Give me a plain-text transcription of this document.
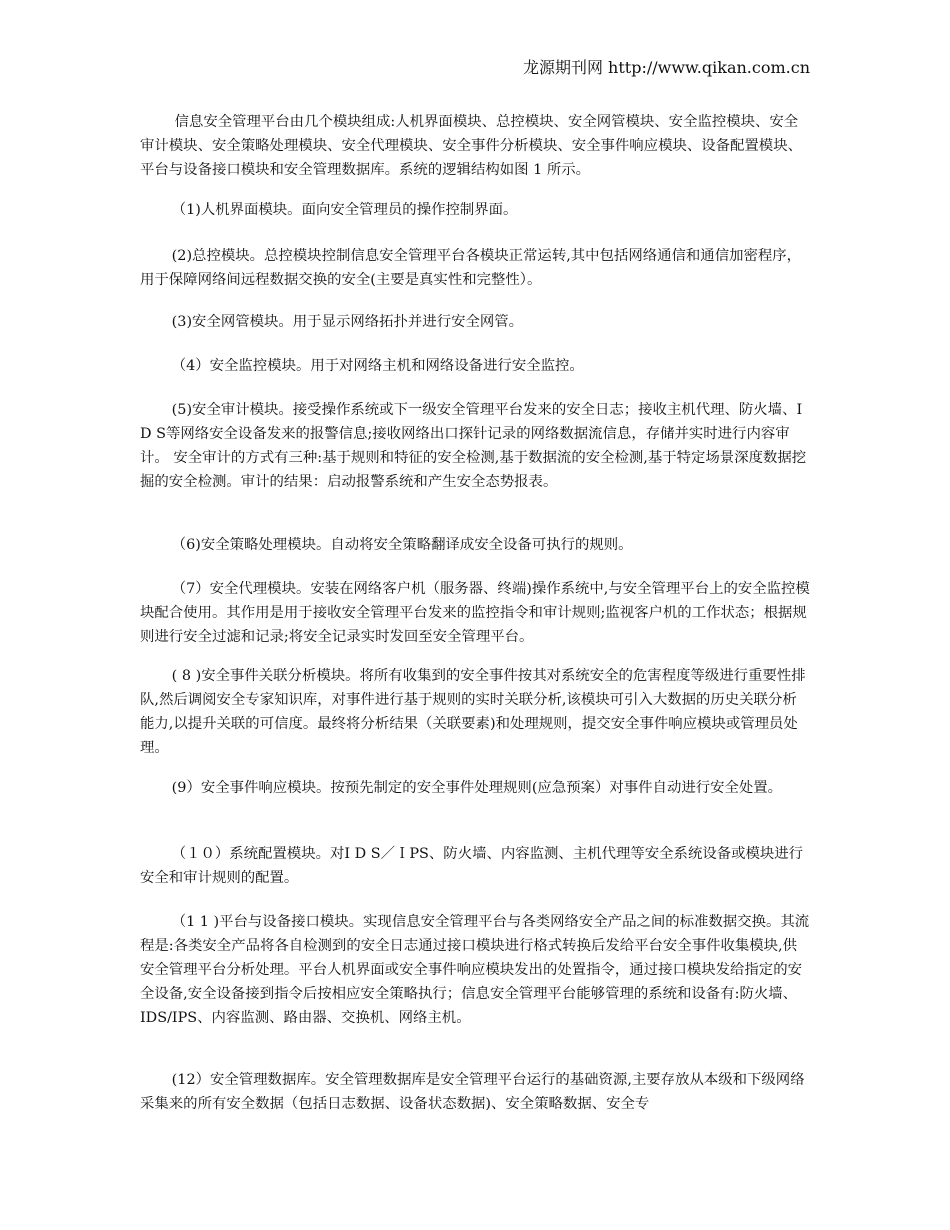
龙源期刊网 http://www.qikan.com.cn

信息安全管理平台由几个模块组成:人机界面模块、总控模块、安全网管模块、安全监控模块、安全审计模块、安全策略处理模块、安全代理模块、安全事件分析模块、安全事件响应模块、设备配置模块、平台与设备接口模块和安全管理数据库。系统的逻辑结构如图 1 所示。

（1)人机界面模块。面向安全管理员的操作控制界面。

(2)总控模块。总控模块控制信息安全管理平台各模块正常运转,其中包括网络通信和通信加密程序，用于保障网络间远程数据交换的安全(主要是真实性和完整性）。

(3)安全网管模块。用于显示网络拓扑并进行安全网管。

（4）安全监控模块。用于对网络主机和网络设备进行安全监控。

(5)安全审计模块。接受操作系统或下一级安全管理平台发来的安全日志；接收主机代理、防火墙、I D S等网络安全设备发来的报警信息;接收网络出口探针记录的网络数据流信息，存储并实时进行内容审计。 安全审计的方式有三种:基于规则和特征的安全检测,基于数据流的安全检测,基于特定场景深度数据挖掘的安全检测。审计的结果：启动报警系统和产生安全态势报表。

（6)安全策略处理模块。自动将安全策略翻译成安全设备可执行的规则。

（7）安全代理模块。安装在网络客户机（服务器、终端)操作系统中,与安全管理平台上的安全监控模块配合使用。其作用是用于接收安全管理平台发来的监控指令和审计规则;监视客户机的工作状态；根据规则进行安全过滤和记录;将安全记录实时发回至安全管理平台。

( 8 )安全事件关联分析模块。将所有收集到的安全事件按其对系统安全的危害程度等级进行重要性排队,然后调阅安全专家知识库，对事件进行基于规则的实时关联分析,该模块可引入大数据的历史关联分析能力,以提升关联的可信度。最终将分析结果（关联要素)和处理规则，提交安全事件响应模块或管理员处理。

(9）安全事件响应模块。按预先制定的安全事件处理规则(应急预案）对事件自动进行安全处置。

（１０）系统配置模块。对I D S／ＩPS、防火墙、内容监测、主机代理等安全系统设备或模块进行安全和审计规则的配置。

（1 1 )平台与设备接口模块。实现信息安全管理平台与各类网络安全产品之间的标准数据交换。其流程是:各类安全产品将各自检测到的安全日志通过接口模块进行格式转换后发给平台安全事件收集模块,供安全管理平台分析处理。平台人机界面或安全事件响应模块发出的处置指令，通过接口模块发给指定的安全设备,安全设备接到指令后按相应安全策略执行；信息安全管理平台能够管理的系统和设备有:防火墙、IDS/IPS、内容监测、路由器、交换机、网络主机。

(12）安全管理数据库。安全管理数据库是安全管理平台运行的基础资源,主要存放从本级和下级网络采集来的所有安全数据（包括日志数据、设备状态数据)、安全策略数据、安全专
